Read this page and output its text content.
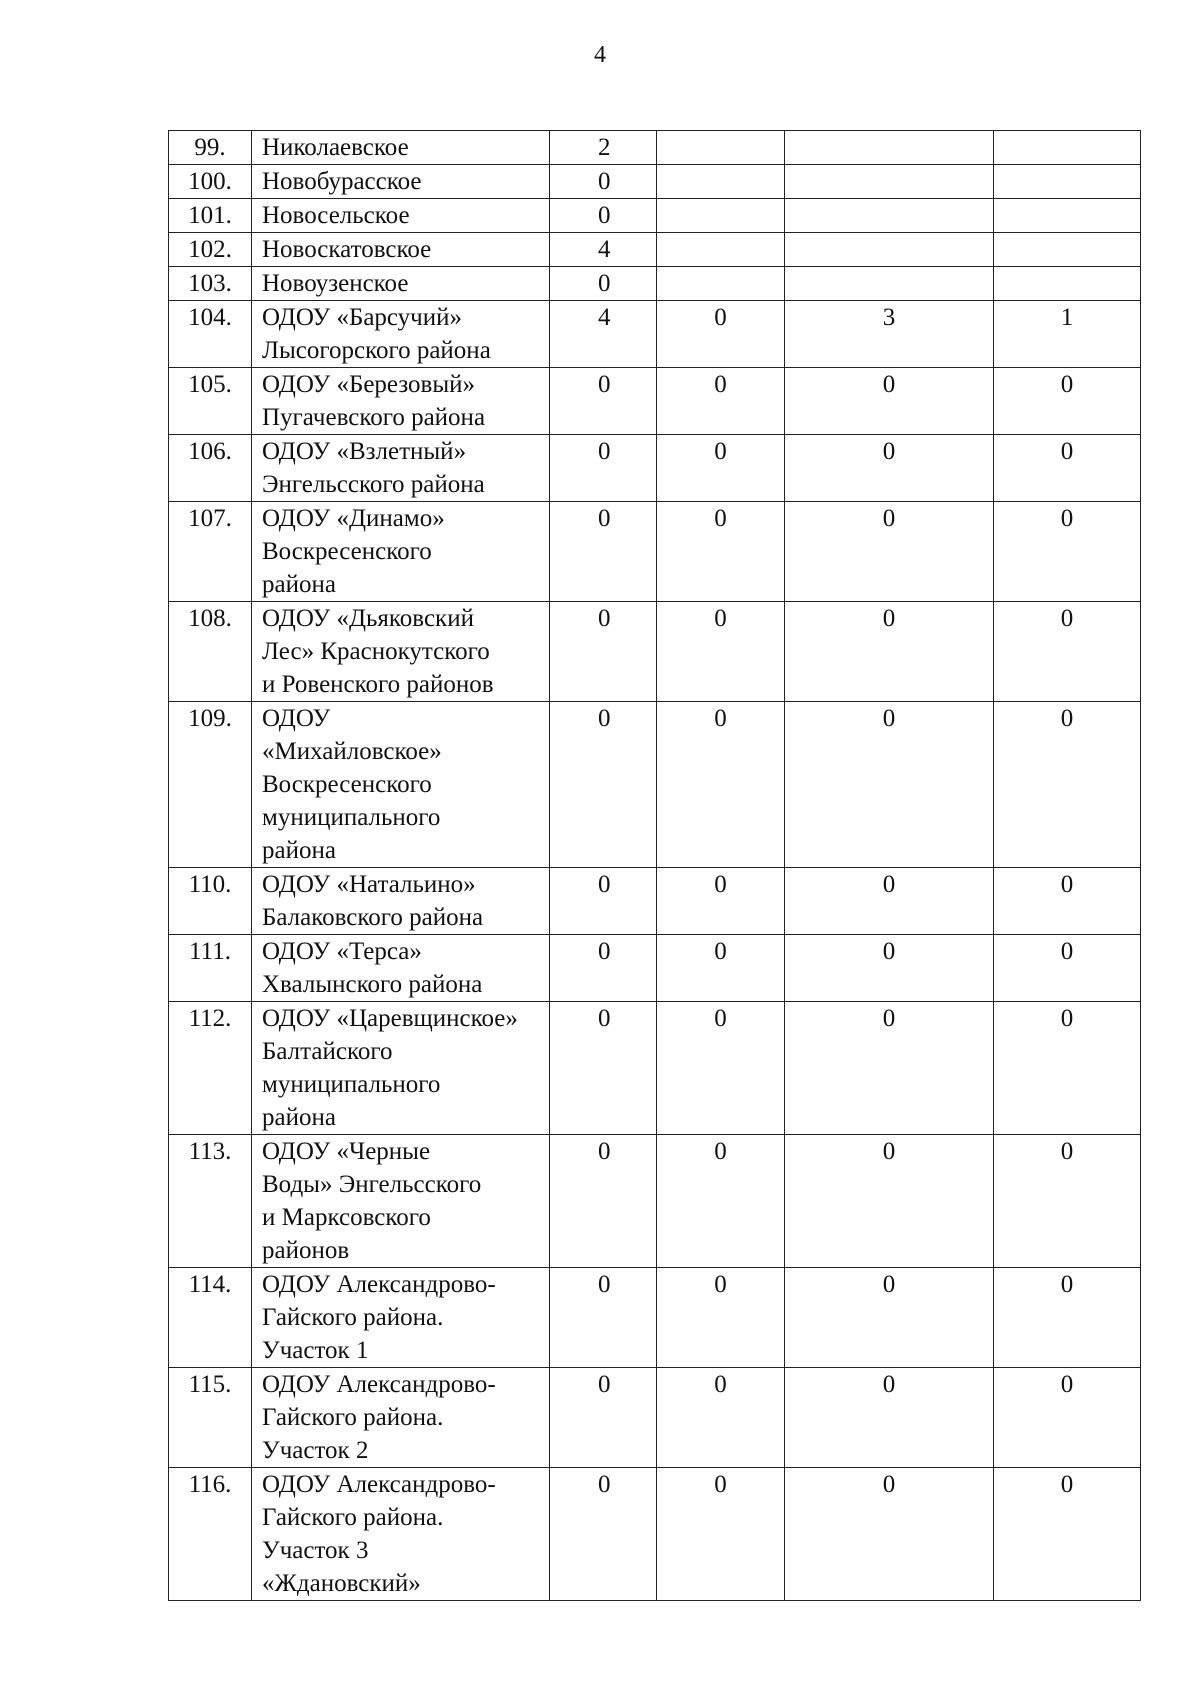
4
99.	Николаевское	2			

100.	Новобурасское	0			

101.	Новосельское	0			

102.	Новоскатовское	4			

103.	Новоузенское	0			

104.	ОДОУ «Барсучий»
Лысогорского района	4	0	3	1

105.	ОДОУ «Березовый»
Пугачевского района	0	0	0	0

106.	ОДОУ «Взлетный»
Энгельсского района	0	0	0	0

107.	ОДОУ «Динамо»
Воскресенского
района	0	0	0	0

108.	ОДОУ «Дьяковский
Лес» Краснокутского
и Ровенского районов	0	0	0	0

109.	ОДОУ
«Михайловское»
Воскресенского
муниципального
района	0	0	0	0

110.	ОДОУ «Натальино»
Балаковского района	0	0	0	0

111.	ОДОУ «Терса»
Хвалынского района	0	0	0	0

112.	ОДОУ «Царевщинское»
Балтайского
муниципального
района	0	0	0	0

113.	ОДОУ «Черные
Воды» Энгельсского
и Марксовского
районов	0	0	0	0

114.	ОДОУ Александрово-
Гайского района.
Участок 1	0	0	0	0

115.	ОДОУ Александрово-
Гайского района.
Участок 2	0	0	0	0

116.	ОДОУ Александрово-
Гайского района.
Участок 3
«Ждановский»	0	0	0	0
